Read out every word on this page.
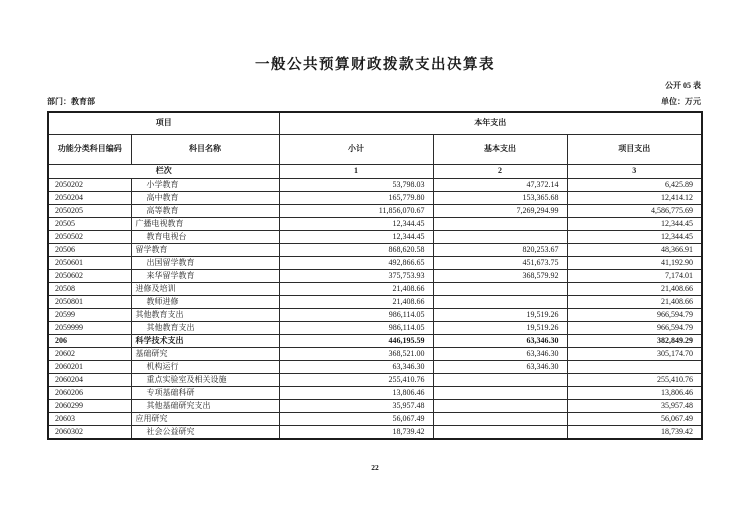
一般公共预算财政拨款支出决算表
公开 05 表
部门：教育部	单位：万元
项目		本年支出		
功能分类科目编码	科目名称	小计	基本支出	项目支出
栏次		1	2	3
2050202	小学教育	53,798.03	47,372.14	6,425.89
2050204	高中教育	165,779.80	153,365.68	12,414.12
2050205	高等教育	11,856,070.67	7,269,294.99	4,586,775.69
20505	广播电视教育	12,344.45		12,344.45
2050502	教育电视台	12,344.45		12,344.45
20506	留学教育	868,620.58	820,253.67	48,366.91
2050601	出国留学教育	492,866.65	451,673.75	41,192.90
2050602	来华留学教育	375,753.93	368,579.92	7,174.01
20508	进修及培训	21,408.66		21,408.66
2050801	教师进修	21,408.66		21,408.66
20599	其他教育支出	986,114.05	19,519.26	966,594.79
2059999	其他教育支出	986,114.05	19,519.26	966,594.79
206	科学技术支出	446,195.59	63,346.30	382,849.29
20602	基础研究	368,521.00	63,346.30	305,174.70
2060201	机构运行	63,346.30	63,346.30	
2060204	重点实验室及相关设施	255,410.76		255,410.76
2060206	专项基础科研	13,806.46		13,806.46
2060299	其他基础研究支出	35,957.48		35,957.48
20603	应用研究	56,067.49		56,067.49
2060302	社会公益研究	18,739.42		18,739.42
22
